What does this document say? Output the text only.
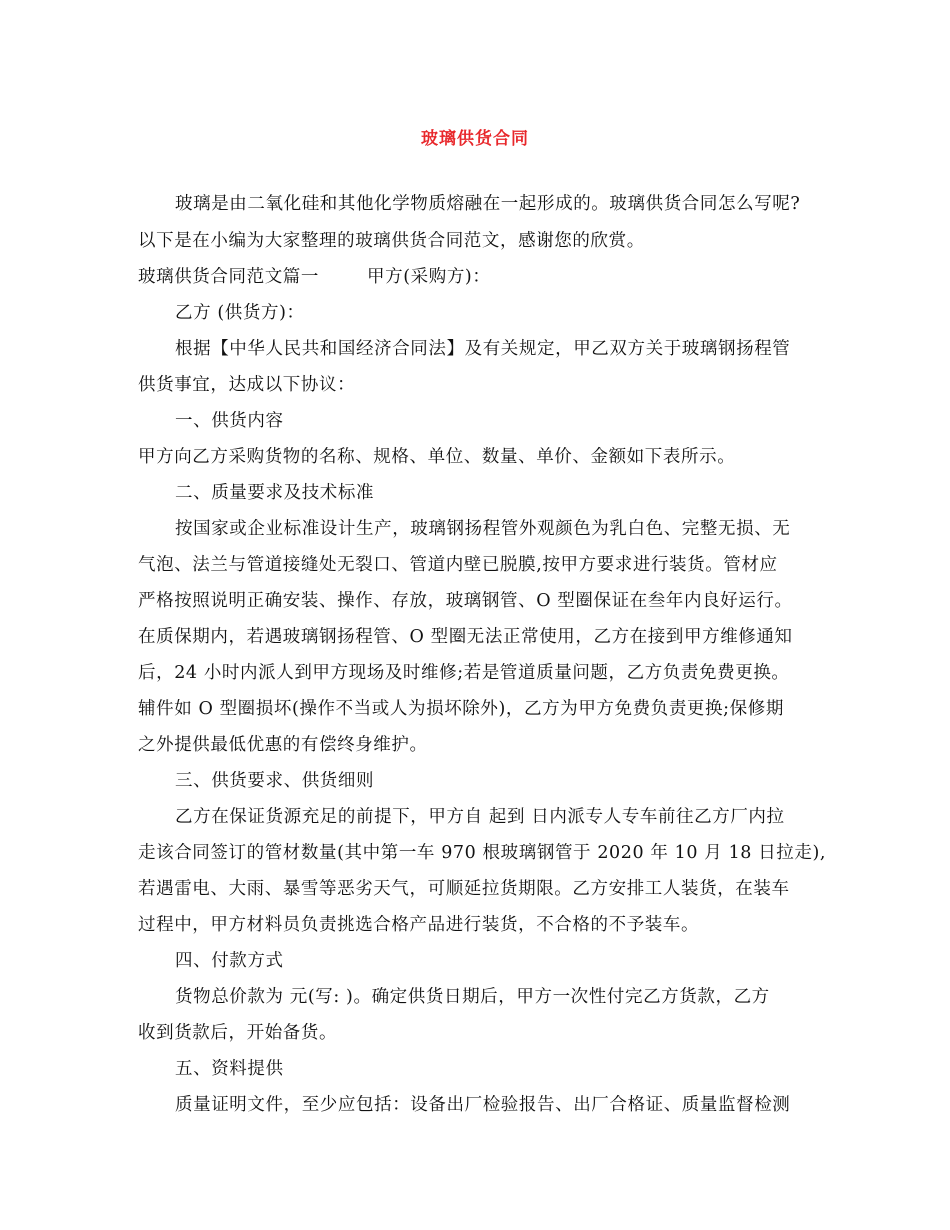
玻璃供货合同
玻璃是由二氧化硅和其他化学物质熔融在一起形成的。玻璃供货合同怎么写呢?
以下是在小编为大家整理的玻璃供货合同范文，感谢您的欣赏。
玻璃供货合同范文篇一	甲方(采购方)：
乙方 (供货方)：
根据【中华人民共和国经济合同法】及有关规定，甲乙双方关于玻璃钢扬程管
供货事宜，达成以下协议：
一、供货内容
甲方向乙方采购货物的名称、规格、单位、数量、单价、金额如下表所示。
二、质量要求及技术标准
按国家或企业标准设计生产，玻璃钢扬程管外观颜色为乳白色、完整无损、无
气泡、法兰与管道接缝处无裂口、管道内壁已脱膜,按甲方要求进行装货。管材应
严格按照说明正确安装、操作、存放，玻璃钢管、O 型圈保证在叁年内良好运行。
在质保期内，若遇玻璃钢扬程管、O 型圈无法正常使用，乙方在接到甲方维修通知
后，24 小时内派人到甲方现场及时维修;若是管道质量问题，乙方负责免费更换。
辅件如 O 型圈损坏(操作不当或人为损坏除外)，乙方为甲方免费负责更换;保修期
之外提供最低优惠的有偿终身维护。
三、供货要求、供货细则
乙方在保证货源充足的前提下，甲方自 起到 日内派专人专车前往乙方厂内拉
走该合同签订的管材数量(其中第一车 970 根玻璃钢管于 2020 年 10 月 18 日拉走),
若遇雷电、大雨、暴雪等恶劣天气，可顺延拉货期限。乙方安排工人装货，在装车
过程中，甲方材料员负责挑选合格产品进行装货，不合格的不予装车。
四、付款方式
货物总价款为 元(写: )。确定供货日期后，甲方一次性付完乙方货款，乙方
收到货款后，开始备货。
五、资料提供
质量证明文件，至少应包括：设备出厂检验报告、出厂合格证、质量监督检测
